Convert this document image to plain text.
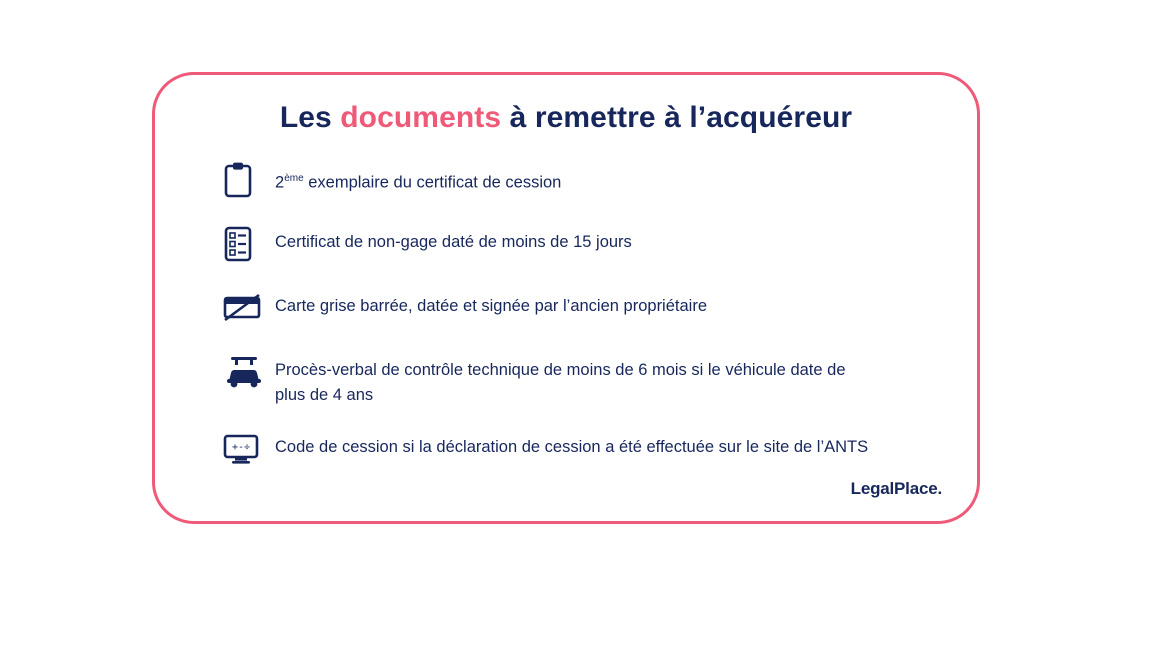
Les documents à remettre à l’acquéreur
2ème exemplaire du certificat de cession
Certificat de non-gage daté de moins de 15 jours
Carte grise barrée, datée et signée par l’ancien propriétaire
Procès-verbal de contrôle technique de moins de 6 mois si le véhicule date de plus de 4 ans
+-÷ Code de cession si la déclaration de cession a été effectuée sur le site de l’ANTS
LegalPlace.
